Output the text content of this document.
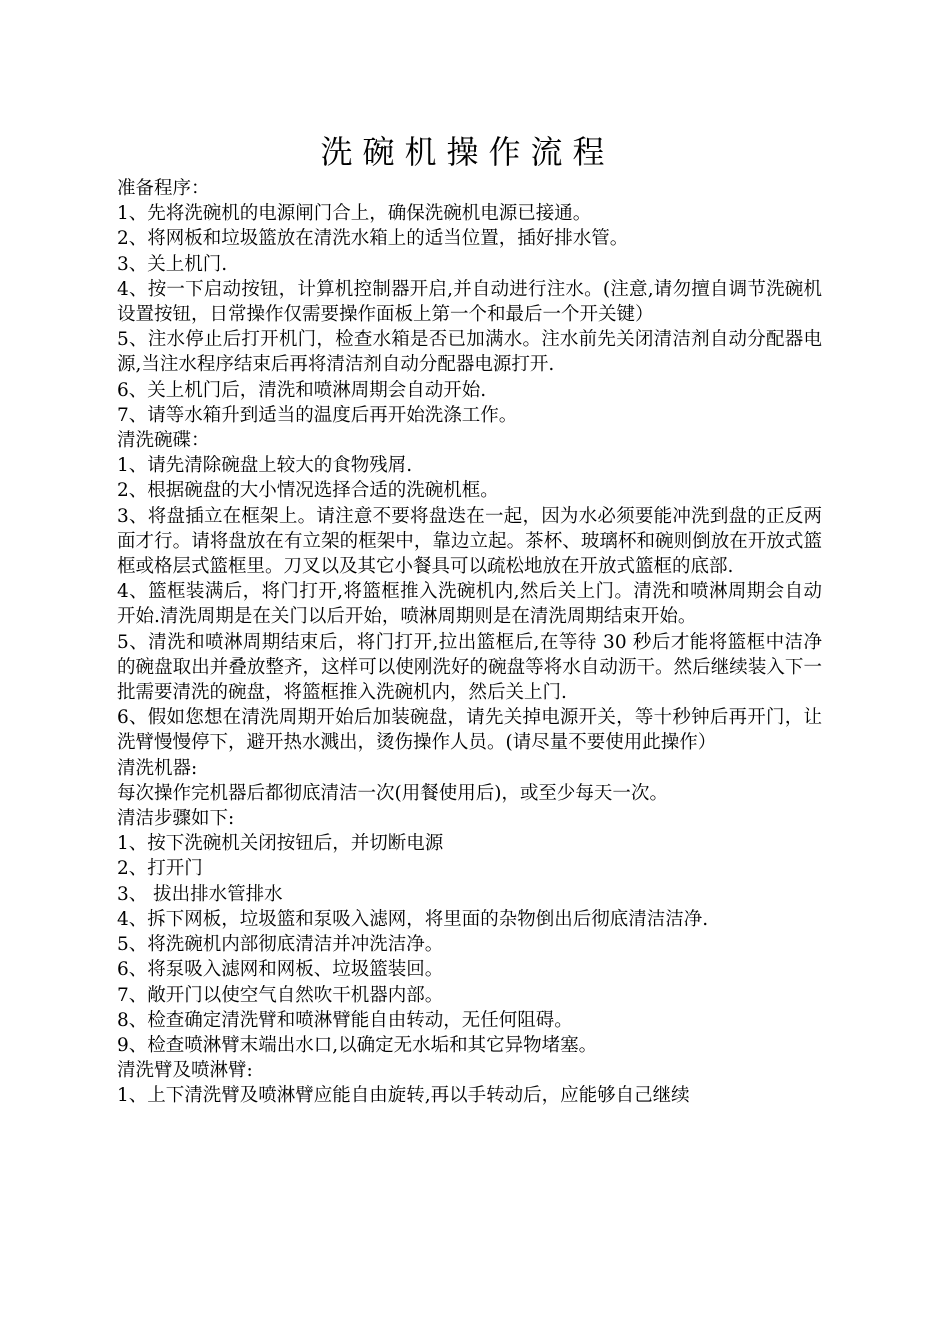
洗碗机操作流程

准备程序：

1、先将洗碗机的电源闸门合上，确保洗碗机电源已接通。

2、将网板和垃圾篮放在清洗水箱上的适当位置，插好排水管。

3、关上机门.

4、按一下启动按钮，计算机控制器开启,并自动进行注水。(注意,请勿擅自调节洗碗机设置按钮，日常操作仅需要操作面板上第一个和最后一个开关键）

5、注水停止后打开机门，检查水箱是否已加满水。注水前先关闭清洁剂自动分配器电源,当注水程序结束后再将清洁剂自动分配器电源打开.

6、关上机门后，清洗和喷淋周期会自动开始.

7、请等水箱升到适当的温度后再开始洗涤工作。

清洗碗碟：

1、请先清除碗盘上较大的食物残屑.

2、根据碗盘的大小情况选择合适的洗碗机框。

3、将盘插立在框架上。请注意不要将盘迭在一起，因为水必须要能冲洗到盘的正反两面才行。请将盘放在有立架的框架中，靠边立起。茶杯、玻璃杯和碗则倒放在开放式篮框或格层式篮框里。刀叉以及其它小餐具可以疏松地放在开放式篮框的底部.

4、篮框装满后，将门打开,将篮框推入洗碗机内,然后关上门。清洗和喷淋周期会自动开始.清洗周期是在关门以后开始，喷淋周期则是在清洗周期结束开始。

5、清洗和喷淋周期结束后，将门打开,拉出篮框后,在等待 30 秒后才能将篮框中洁净的碗盘取出并叠放整齐，这样可以使刚洗好的碗盘等将水自动沥干。然后继续装入下一批需要清洗的碗盘，将篮框推入洗碗机内，然后关上门.

6、假如您想在清洗周期开始后加装碗盘，请先关掉电源开关，等十秒钟后再开门，让洗臂慢慢停下，避开热水溅出，烫伤操作人员。(请尽量不要使用此操作）

清洗机器:

每次操作完机器后都彻底清洁一次(用餐使用后)，或至少每天一次。

清洁步骤如下:

1、按下洗碗机关闭按钮后，并切断电源

2、打开门

3、 拔出排水管排水

4、拆下网板，垃圾篮和泵吸入滤网，将里面的杂物倒出后彻底清洁洁净.

5、将洗碗机内部彻底清洁并冲洗洁净。

6、将泵吸入滤网和网板、垃圾篮装回。

7、敞开门以使空气自然吹干机器内部。

8、检查确定清洗臂和喷淋臂能自由转动，无任何阻碍。

9、检查喷淋臂末端出水口,以确定无水垢和其它异物堵塞。

清洗臂及喷淋臂:

1、上下清洗臂及喷淋臂应能自由旋转,再以手转动后，应能够自己继续
